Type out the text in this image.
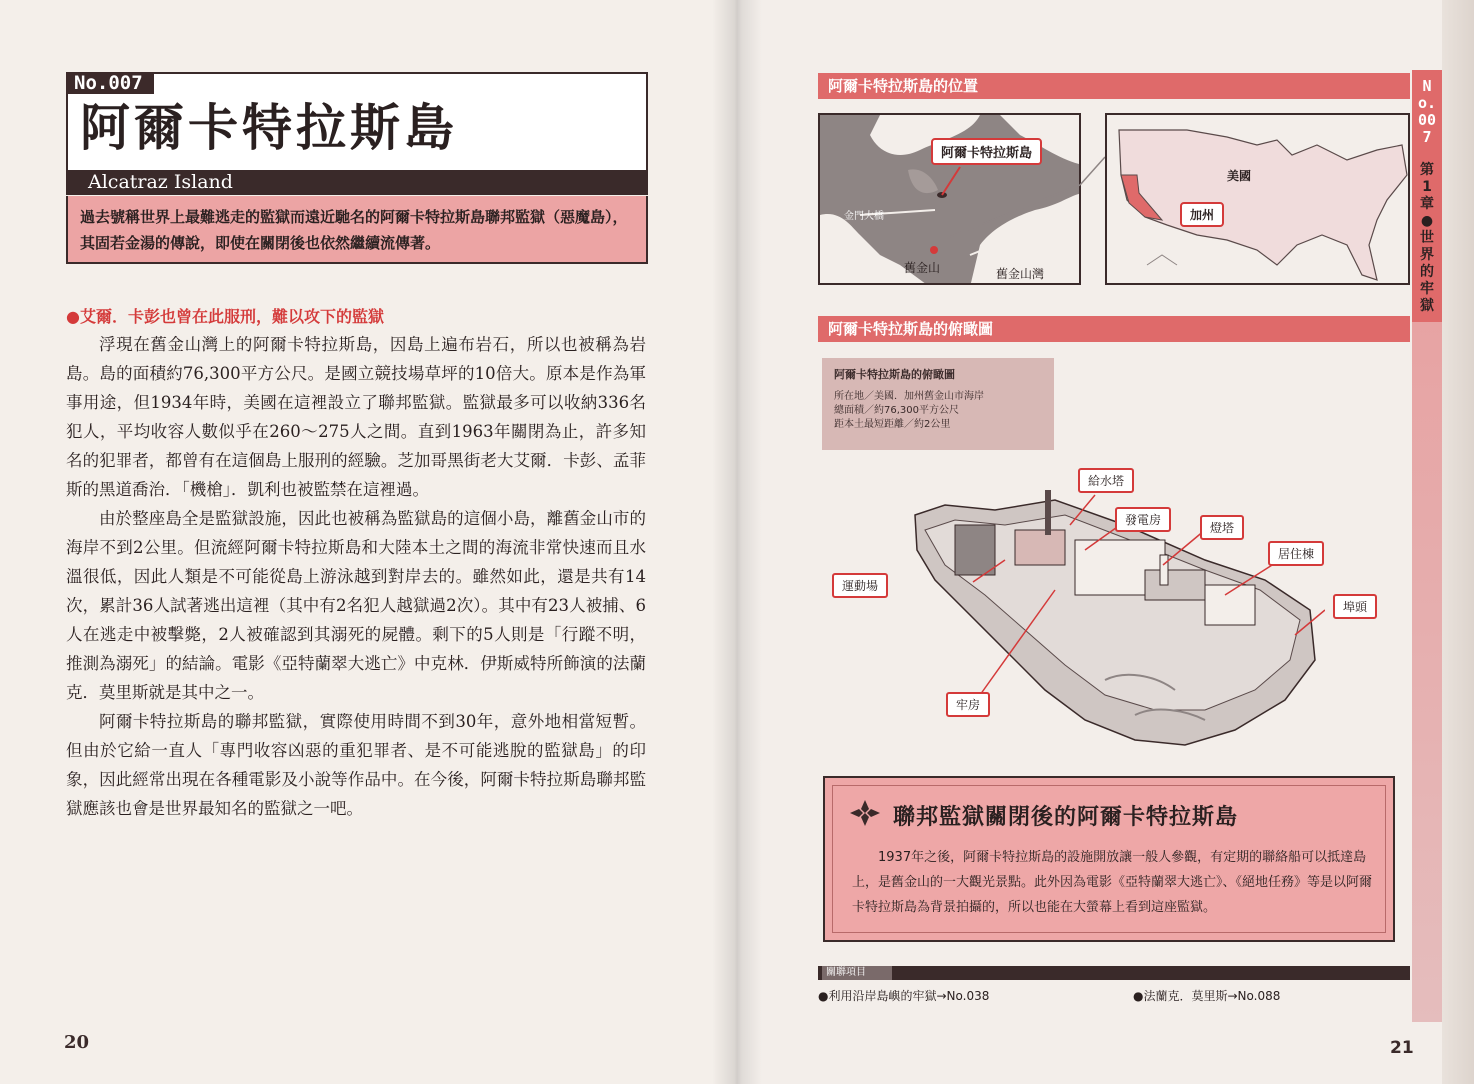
No.007
阿爾卡特拉斯島
Alcatraz Island
過去號稱世界上最難逃走的監獄而遠近馳名的阿爾卡特拉斯島聯邦監獄（惡魔島），其固若金湯的傳說，即使在關閉後也依然繼續流傳著。
●艾爾．卡彭也曾在此服刑，難以攻下的監獄

浮現在舊金山灣上的阿爾卡特拉斯島，因島上遍布岩石，所以也被稱為岩島。島的面積約76,300平方公尺。是國立競技場草坪的10倍大。原本是作為軍事用途，但1934年時，美國在這裡設立了聯邦監獄。監獄最多可以收納336名犯人，平均收容人數似乎在260～275人之間。直到1963年關閉為止，許多知名的犯罪者，都曾有在這個島上服刑的經驗。芝加哥黑街老大艾爾．卡彭、孟菲斯的黑道喬治．「機槍」．凱利也被監禁在這裡過。

由於整座島全是監獄設施，因此也被稱為監獄島的這個小島，離舊金山市的海岸不到2公里。但流經阿爾卡特拉斯島和大陸本土之間的海流非常快速而且水溫很低，因此人類是不可能從島上游泳越到對岸去的。雖然如此，還是共有14次，累計36人試著逃出這裡（其中有2名犯人越獄過2次）。其中有23人被捕、6人在逃走中被擊斃，2人被確認到其溺死的屍體。剩下的5人則是「行蹤不明，推測為溺死」的結論。電影《亞特蘭翠大逃亡》中克林．伊斯威特所飾演的法蘭克．莫里斯就是其中之一。

阿爾卡特拉斯島的聯邦監獄，實際使用時間不到30年，意外地相當短暫。但由於它給一直人「專門收容凶惡的重犯罪者、是不可能逃脫的監獄島」的印象，因此經常出現在各種電影及小說等作品中。在今後，阿爾卡特拉斯島聯邦監獄應該也會是世界最知名的監獄之一吧。

20
阿爾卡特拉斯島的位置
金門大橋
舊金山	舊金山灣
阿爾卡特拉斯島
美國
加州
阿爾卡特拉斯島的俯瞰圖
阿爾卡特拉斯島的俯瞰圖
所在地／美國．加州舊金山市海岸
總面積／約76,300平方公尺
距本土最短距離／約2公里
給水塔
發電房
燈塔
居住棟
運動場
埠頭
牢房
聯邦監獄關閉後的阿爾卡特拉斯島

1937年之後，阿爾卡特拉斯島的設施開放讓一般人參觀，有定期的聯絡船可以抵達島上，是舊金山的一大觀光景點。此外因為電影《亞特蘭翠大逃亡》、《絕地任務》等是以阿爾卡特拉斯島為背景拍攝的，所以也能在大螢幕上看到這座監獄。

關聯項目
●利用沿岸島嶼的牢獄→No.038	●法蘭克．莫里斯→No.088
21
No.007
第1章●世界的牢獄
